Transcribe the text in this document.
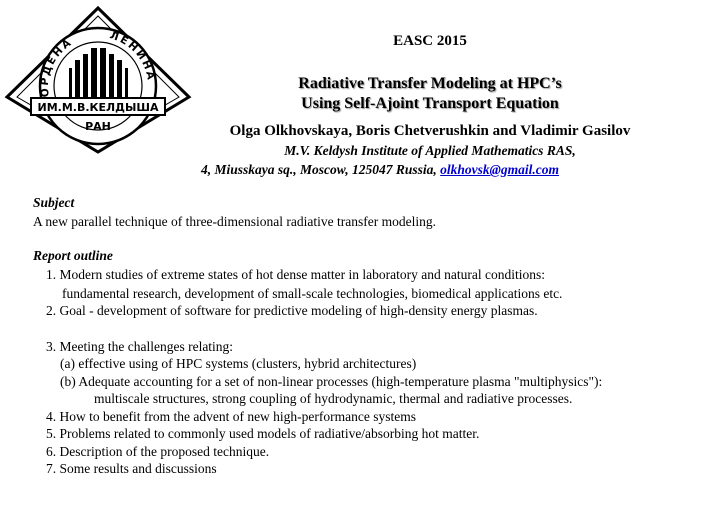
ОРДЕНА	ЛЕНИНА
ИМ.М.В.КЕЛДЫША
РАН
EASC 2015
Radiative Transfer Modeling at HPC’s
Using Self-Ajoint Transport Equation
Olga Olkhovskaya, Boris Chetverushkin and Vladimir Gasilov
M.V. Keldysh Institute of Applied Mathematics RAS,
4, Miusskaya sq., Moscow, 125047 Russia, olkhovsk@gmail.com
Subject
A new parallel technique of three-dimensional radiative transfer modeling.
Report outline
1. Modern studies of extreme states of hot dense matter in laboratory and natural conditions:
fundamental research, development of small-scale technologies, biomedical applications etc.
2. Goal - development of software for predictive modeling of high-density energy plasmas.
3. Meeting the challenges relating:
(a) effective using of HPC systems (clusters, hybrid architectures)
(b) Adequate accounting for a set of non-linear processes (high-temperature plasma "multiphysics"):
multiscale structures, strong coupling of hydrodynamic, thermal and radiative processes.
4. How to benefit from the advent of new high-performance systems
5. Problems related to commonly used models of radiative/absorbing hot matter.
6. Description of the proposed technique.
7. Some results and discussions
